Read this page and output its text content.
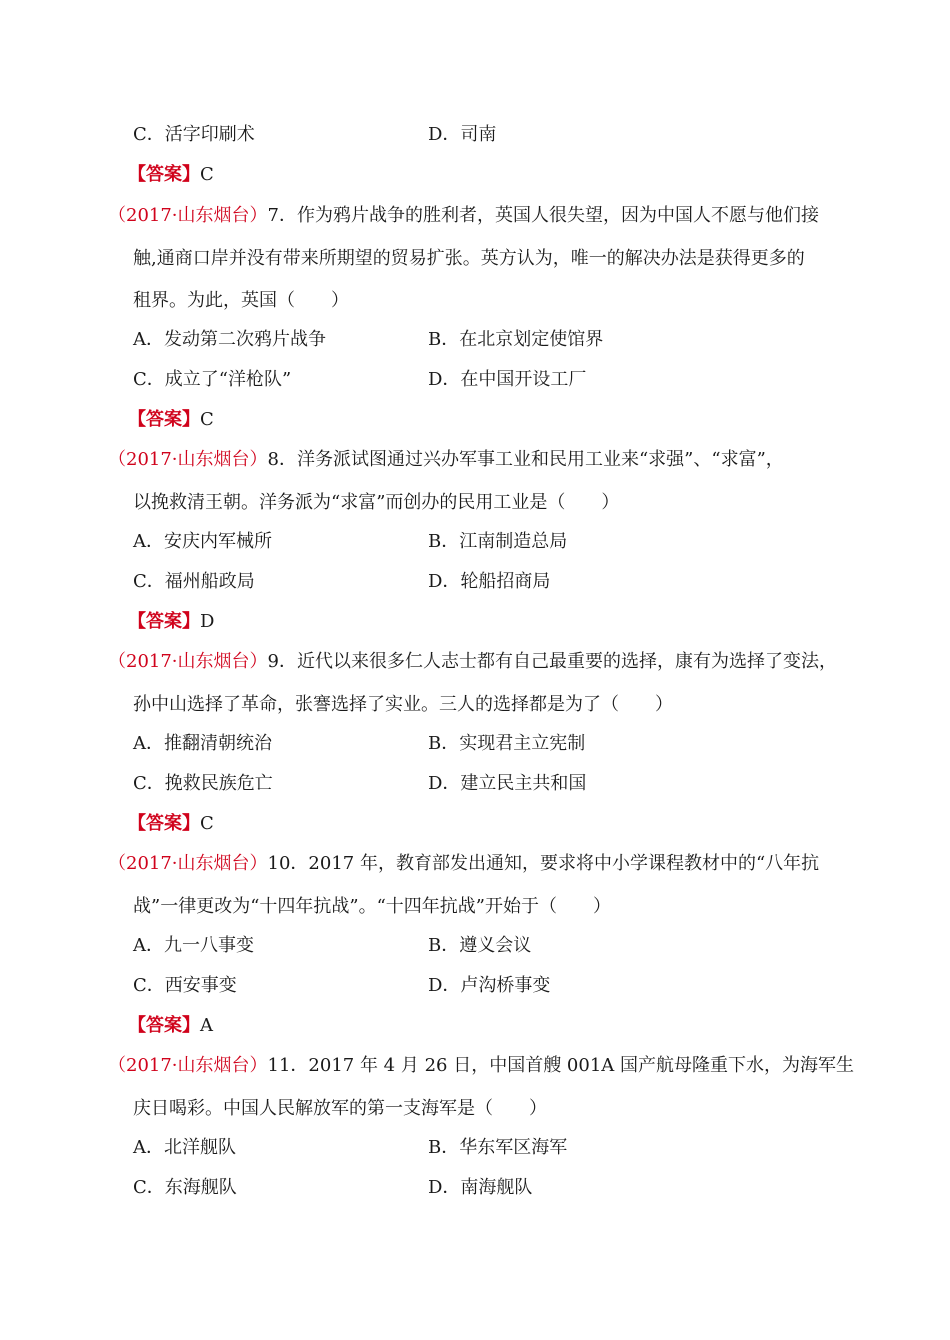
C．活字印刷术	D．司南
【答案】C
（2017·山东烟台）7．作为鸦片战争的胜利者，英国人很失望，因为中国人不愿与他们接
触,通商口岸并没有带来所期望的贸易扩张。英方认为，唯一的解决办法是获得更多的
租界。为此，英国（　　）
A．发动第二次鸦片战争	B．在北京划定使馆界
C．成立了“洋枪队”	D．在中国开设工厂
【答案】C
（2017·山东烟台）8．洋务派试图通过兴办军事工业和民用工业来“求强”、“求富”，
以挽救清王朝。洋务派为“求富”而创办的民用工业是（　　）
A．安庆内军械所	B．江南制造总局
C．福州船政局	D．轮船招商局
【答案】D
（2017·山东烟台）9．近代以来很多仁人志士都有自己最重要的选择，康有为选择了变法，
孙中山选择了革命，张謇选择了实业。三人的选择都是为了（　　）
A．推翻清朝统治	B．实现君主立宪制
C．挽救民族危亡	D．建立民主共和国
【答案】C
（2017·山东烟台）10．2017 年，教育部发出通知，要求将中小学课程教材中的“八年抗
战”一律更改为“十四年抗战”。“十四年抗战”开始于（　　）
A．九一八事变	B．遵义会议
C．西安事变	D．卢沟桥事变
【答案】A
（2017·山东烟台）11．2017 年 4 月 26 日，中国首艘 001A 国产航母隆重下水，为海军生
庆日喝彩。中国人民解放军的第一支海军是（　　）
A．北洋舰队	B．华东军区海军
C．东海舰队	D．南海舰队
